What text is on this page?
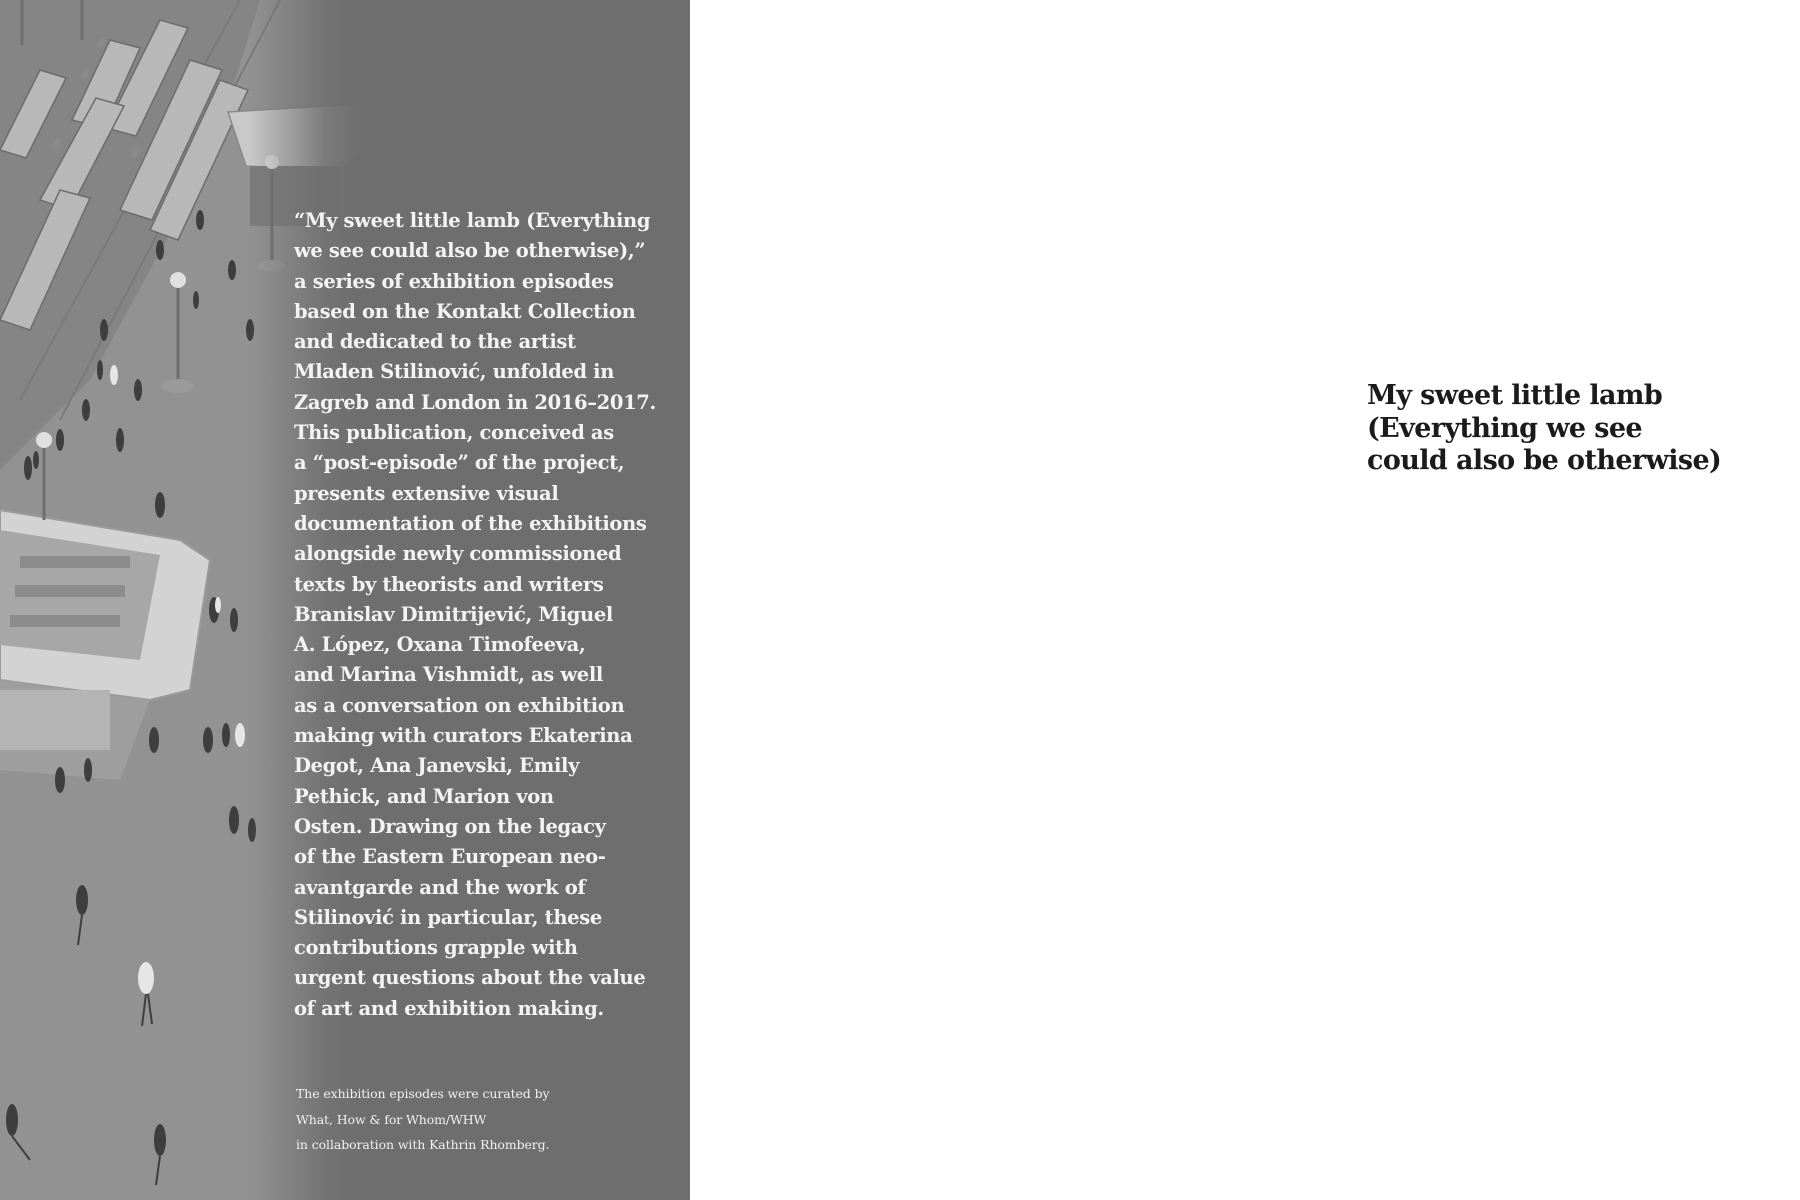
“My sweet little lamb (Everything
we see could also be otherwise),”
a series of exhibition episodes
based on the Kontakt Collection
and dedicated to the artist
Mladen Stilinović, unfolded in
Zagreb and London in 2016–2017.
This publication, conceived as
a “post-episode” of the project,
presents extensive visual
documentation of the exhibitions
alongside newly commissioned
texts by theorists and writers
Branislav Dimitrijević, Miguel
A. López, Oxana Timofeeva,
and Marina Vishmidt, as well
as a conversation on exhibition
making with curators Ekaterina
Degot, Ana Janevski, Emily
Pethick, and Marion von
Osten. Drawing on the legacy
of the Eastern European neo-
avantgarde and the work of
Stilinović in particular, these
contributions grapple with
urgent questions about the value
of art and exhibition making.

The exhibition episodes were curated by
What, How & for Whom/WHW
in collaboration with Kathrin Rhomberg.

My sweet little lamb
(Everything we see
could also be otherwise)
